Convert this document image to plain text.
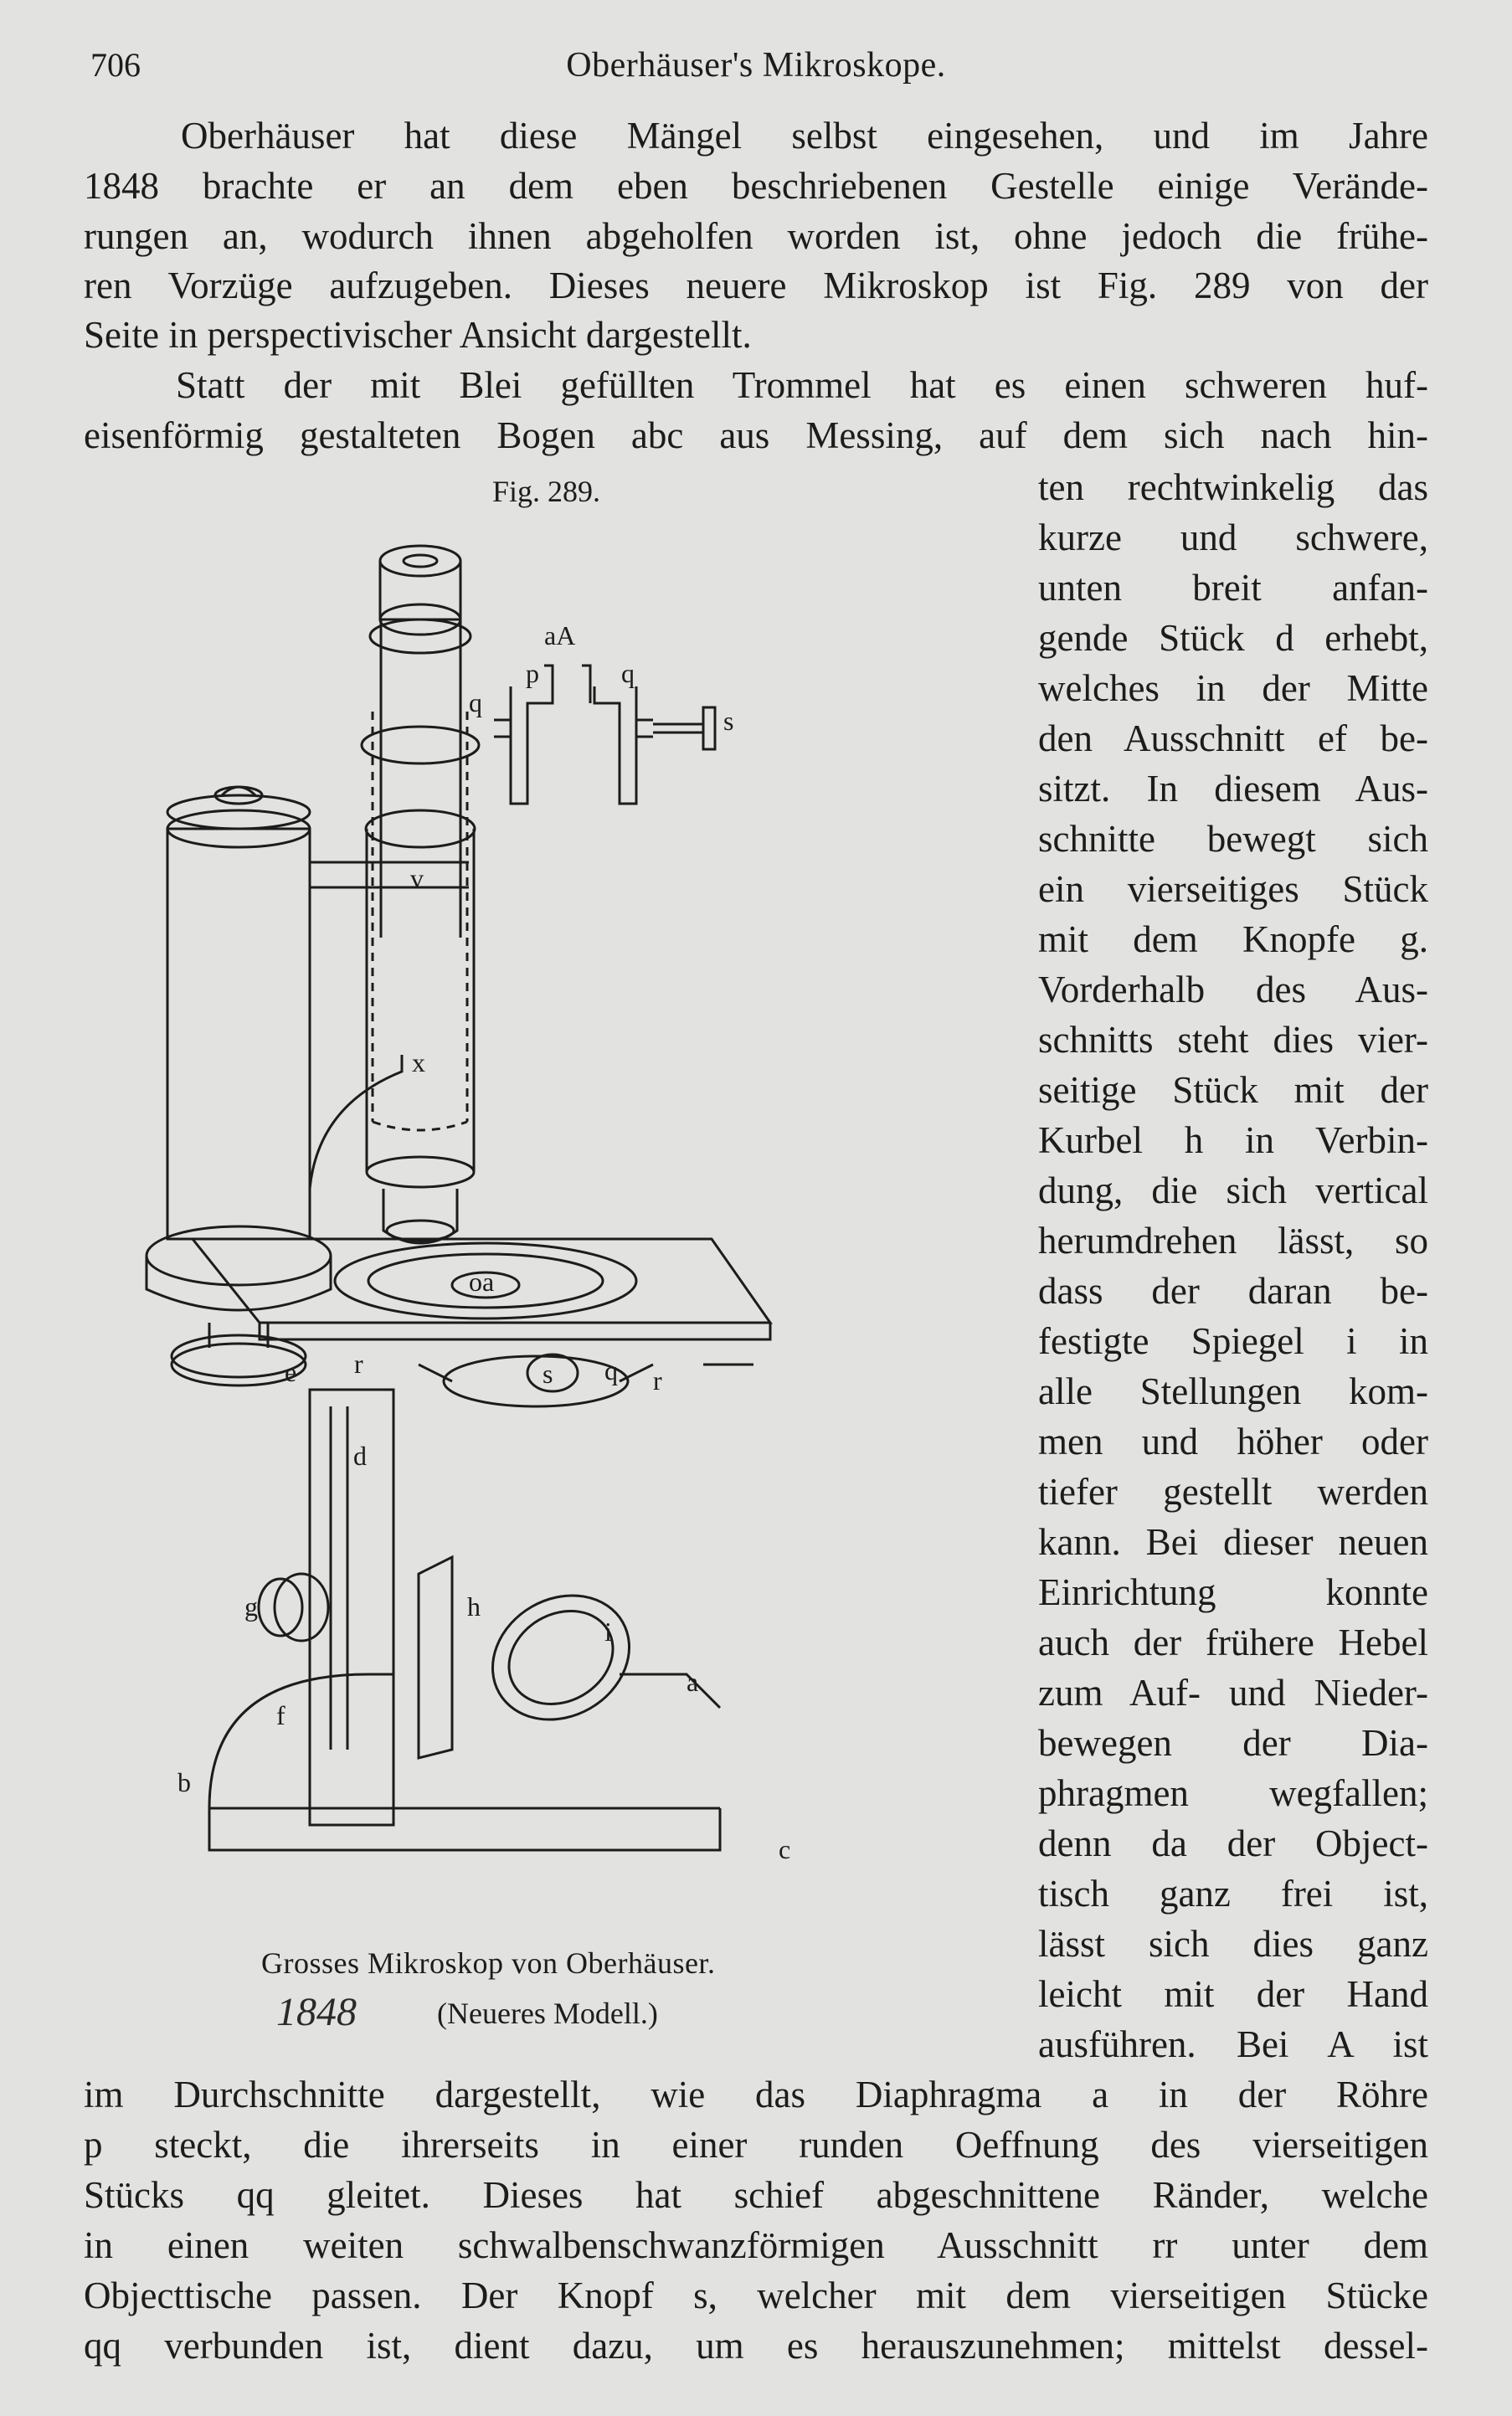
706	Oberhäuser's Mikroskope.
Oberhäuser hat diese Mängel selbst eingesehen, und im Jahre
1848 brachte er an dem eben beschriebenen Gestelle einige Verände-
rungen an, wodurch ihnen abgeholfen worden ist, ohne jedoch die frühe-
ren Vorzüge aufzugeben. Dieses neuere Mikroskop ist Fig. 289 von der
Seite in perspectivischer Ansicht dargestellt.
Statt der mit Blei gefüllten Trommel hat es einen schweren huf-
eisenförmig gestalteten Bogen abc aus Messing, auf dem sich nach hin-
Fig. 289.	ten rechtwinkelig das
kurze und schwere,
unten breit anfan-
gende Stück d erhebt,
welches in der Mitte
den Ausschnitt ef be-
sitzt. In diesem Aus-
schnitte bewegt sich
ein vierseitiges Stück
mit dem Knopfe g.
Vorderhalb des Aus-
schnitts steht dies vier-
seitige Stück mit der
Kurbel h in Verbin-
dung, die sich vertical
herumdrehen lässt, so
dass der daran be-
festigte Spiegel i in
alle Stellungen kom-
men und höher oder
tiefer gestellt werden
kann. Bei dieser neuen
Einrichtung konnte
auch der frühere Hebel
zum Auf- und Nieder-
bewegen der Dia-
phragmen wegfallen;
denn da der Object-
tisch ganz frei ist,
lässt sich dies ganz
leicht mit der Hand
ausführen. Bei A ist
Grosses Mikroskop von Oberhäuser.
1848	(Neueres Modell.)
im Durchschnitte dargestellt, wie das Diaphragma a in der Röhre
p steckt, die ihrerseits in einer runden Oeffnung des vierseitigen
Stücks qq gleitet. Dieses hat schief abgeschnittene Ränder, welche
in einen weiten schwalbenschwanzförmigen Ausschnitt rr unter dem
Objecttische passen. Der Knopf s, welcher mit dem vierseitigen Stücke
qq verbunden ist, dient dazu, um es herauszunehmen; mittelst dessel-
aA
p
q
q
s
v
x
oa
r	s q r
d
e
g	h
i
a
f
b
c
